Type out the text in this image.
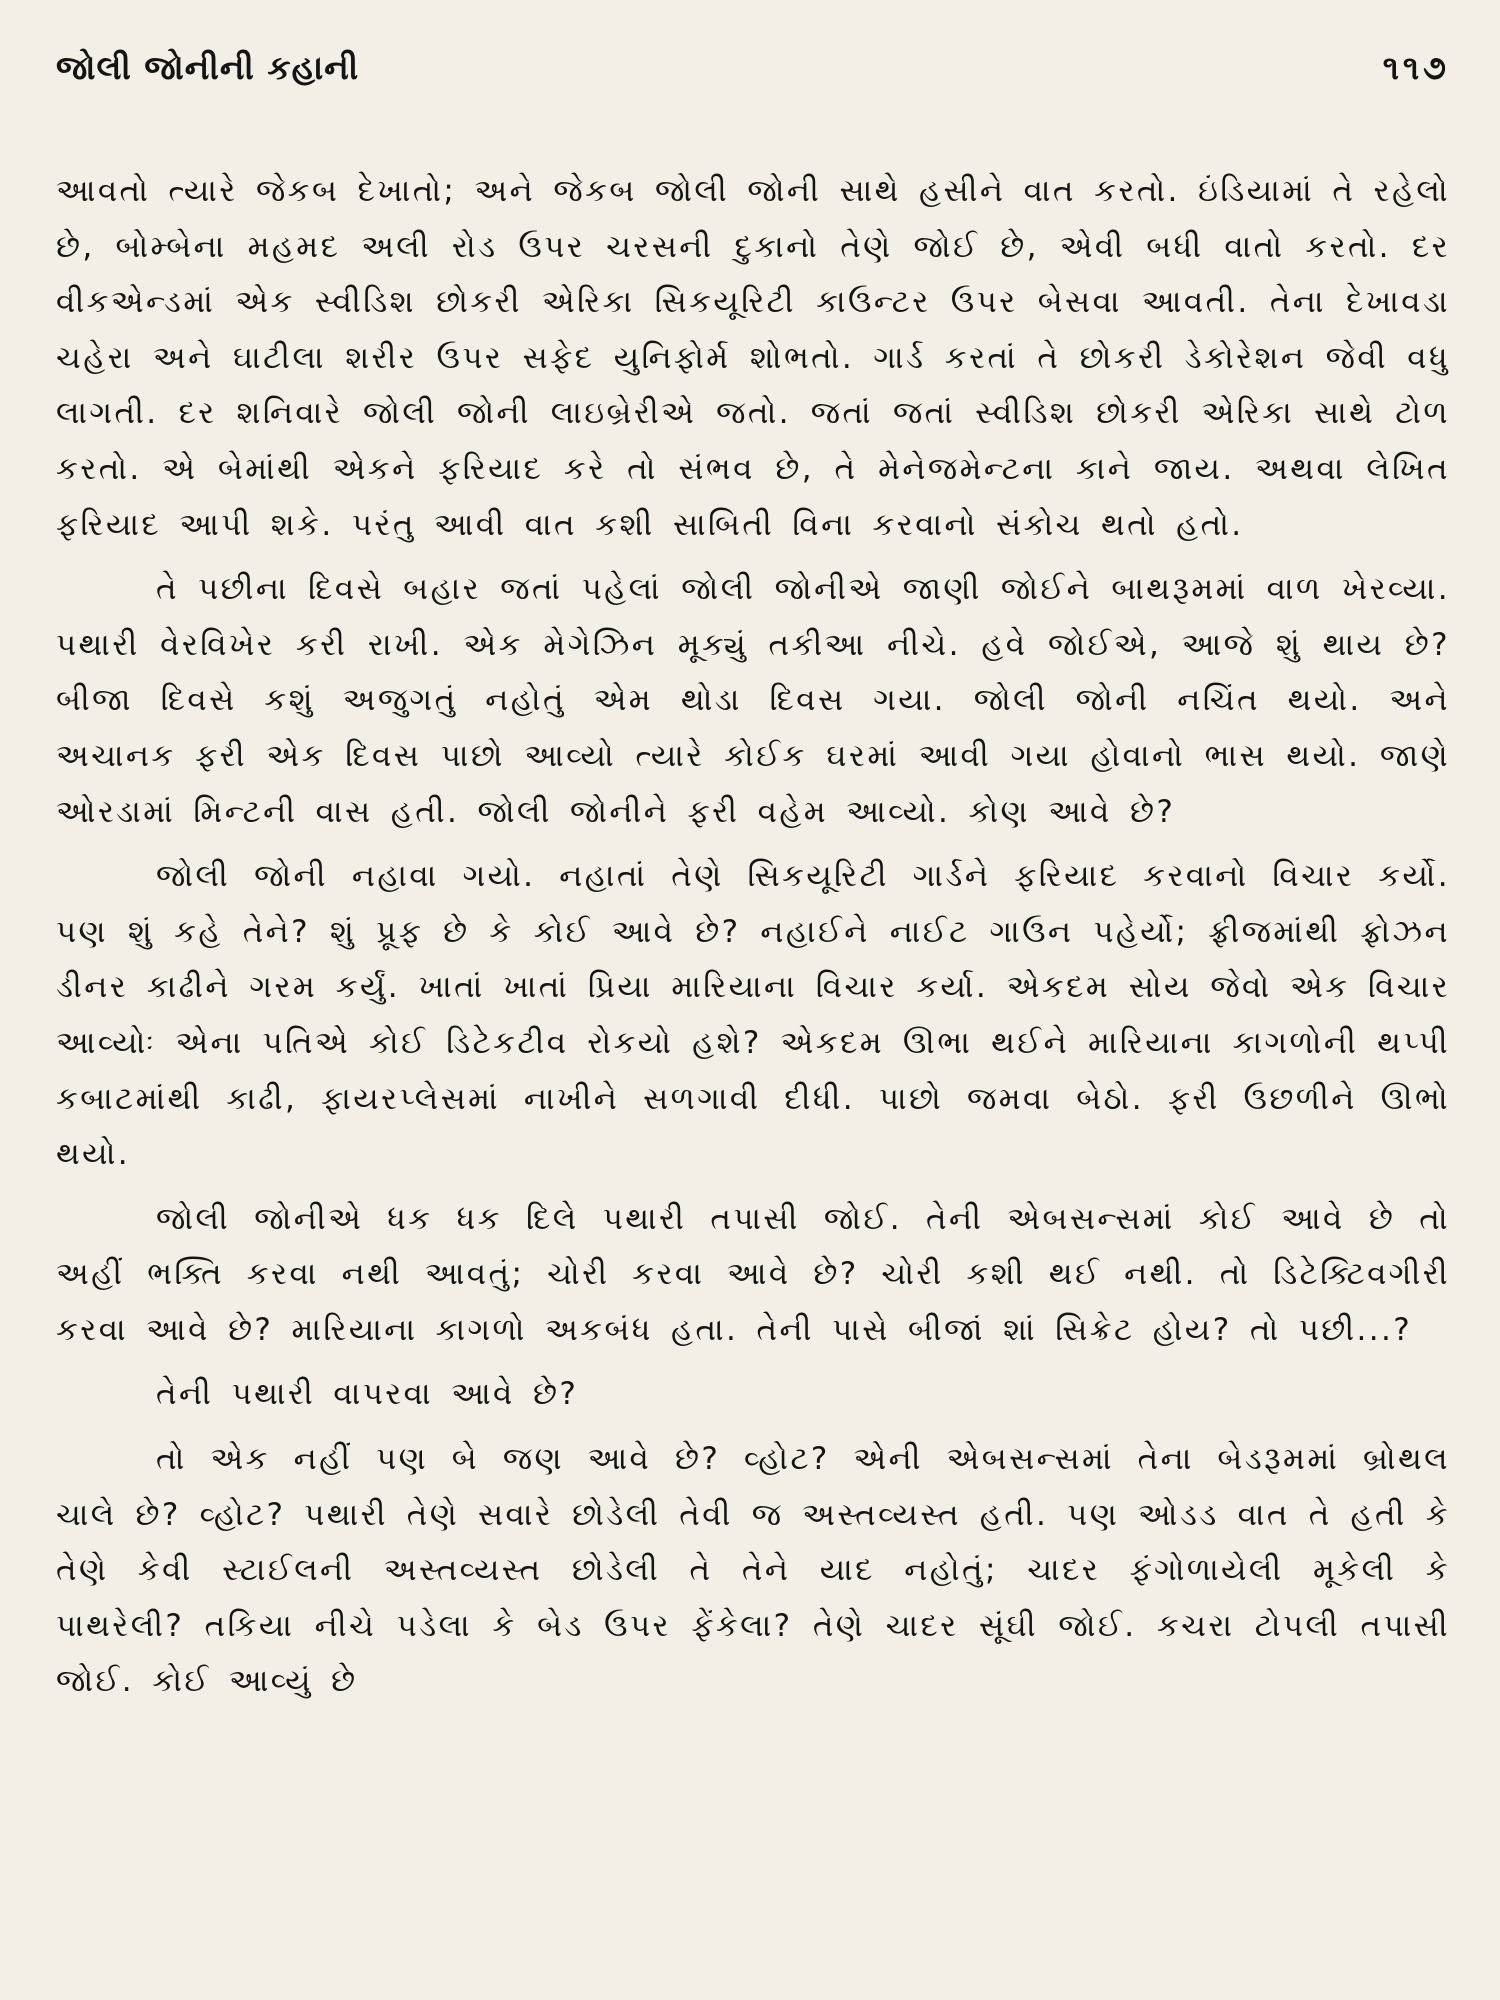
જોલી જોનીની કહાની	૧૧૭

આવતો ત્યારે જેકબ દેખાતો; અને જેકબ જોલી જોની સાથે હસીને વાત કરતો. ઇંડિયામાં તે રહેલો છે, બોમ્બેના મહમદ અલી રોડ ઉપર ચરસની દુકાનો તેણે જોઈ છે, એવી બધી વાતો કરતો. દર વીકએન્ડમાં એક સ્વીડિશ છોકરી એરિકા સિકયૂરિટી કાઉન્ટર ઉપર બેસવા આવતી. તેના દેખાવડા ચહેરા અને ઘાટીલા શરીર ઉપર સફેદ યુનિફોર્મ શોભતો. ગાર્ડ કરતાં તે છોકરી ડેકોરેશન જેવી વધુ લાગતી. દર શનિવારે જોલી જોની લાઇબ્રેરીએ જતો. જતાં જતાં સ્વીડિશ છોકરી એરિકા સાથે ટોળ કરતો. એ બેમાંથી એકને ફરિયાદ કરે તો સંભવ છે, તે મેનેજમેન્ટના કાને જાય. અથવા લેખિત ફરિયાદ આપી શકે. પરંતુ આવી વાત કશી સાબિતી વિના કરવાનો સંકોચ થતો હતો.

તે પછીના દિવસે બહાર જતાં પહેલાં જોલી જોનીએ જાણી જોઈને બાથરૂમમાં વાળ ખેરવ્યા. પથારી વેરવિખેર કરી રાખી. એક મેગેઝિન મૂક્યું તકીઆ નીચે. હવે જોઈએ, આજે શું થાય છે? બીજા દિવસે કશું અજુગતું નહોતું એમ થોડા દિવસ ગયા. જોલી જોની નચિંત થયો. અને અચાનક ફરી એક દિવસ પાછો આવ્યો ત્યારે કોઈક ઘરમાં આવી ગયા હોવાનો ભાસ થયો. જાણે ઓરડામાં મિન્ટની વાસ હતી. જોલી જોનીને ફરી વહેમ આવ્યો. કોણ આવે છે?

જોલી જોની નહાવા ગયો. નહાતાં તેણે સિકયૂરિટી ગાર્ડને ફરિયાદ કરવાનો વિચાર કર્યો. પણ શું કહે તેને? શું પ્રૂફ છે કે કોઈ આવે છે? નહાઈને નાઈટ ગાઉન પહેર્યો; ફ્રીજમાંથી ફ્રોઝન ડીનર કાઢીને ગરમ કર્યું. ખાતાં ખાતાં પ્રિયા મારિયાના વિચાર કર્યા. એકદમ સોય જેવો એક વિચાર આવ્યોઃ એના પતિએ કોઈ ડિટેકટીવ રોકયો હશે? એકદમ ઊભા થઈને મારિયાના કાગળોની થપ્પી કબાટમાંથી કાઢી, ફાયરપ્લેસમાં નાખીને સળગાવી દીધી. પાછો જમવા બેઠો. ફરી ઉછળીને ઊભો થયો.

જોલી જોનીએ ધક ધક દિલે પથારી તપાસી જોઈ. તેની એબસન્સમાં કોઈ આવે છે તો અહીં ભક્તિ કરવા નથી આવતું; ચોરી કરવા આવે છે? ચોરી કશી થઈ નથી. તો ડિટેક્ટિવગીરી કરવા આવે છે? મારિયાના કાગળો અકબંધ હતા. તેની પાસે બીજાં શાં સિક્રેટ હોય? તો પછી...?

તેની પથારી વાપરવા આવે છે?

તો એક નહીં પણ બે જણ આવે છે? વ્હોટ? એની એબસન્સમાં તેના બેડરૂમમાં બ્રોથલ ચાલે છે? વ્હોટ? પથારી તેણે સવારે છોડેલી તેવી જ અસ્તવ્યસ્ત હતી. પણ ઓડડ વાત તે હતી કે તેણે કેવી સ્ટાઈલની અસ્તવ્યસ્ત છોડેલી તે તેને યાદ નહોતું; ચાદર ફંગોળાયેલી મૂકેલી કે પાથરેલી? તકિયા નીચે પડેલા કે બેડ ઉપર ફેંકેલા? તેણે ચાદર સૂંઘી જોઈ. કચરા ટોપલી તપાસી જોઈ. કોઈ આવ્યું છે
